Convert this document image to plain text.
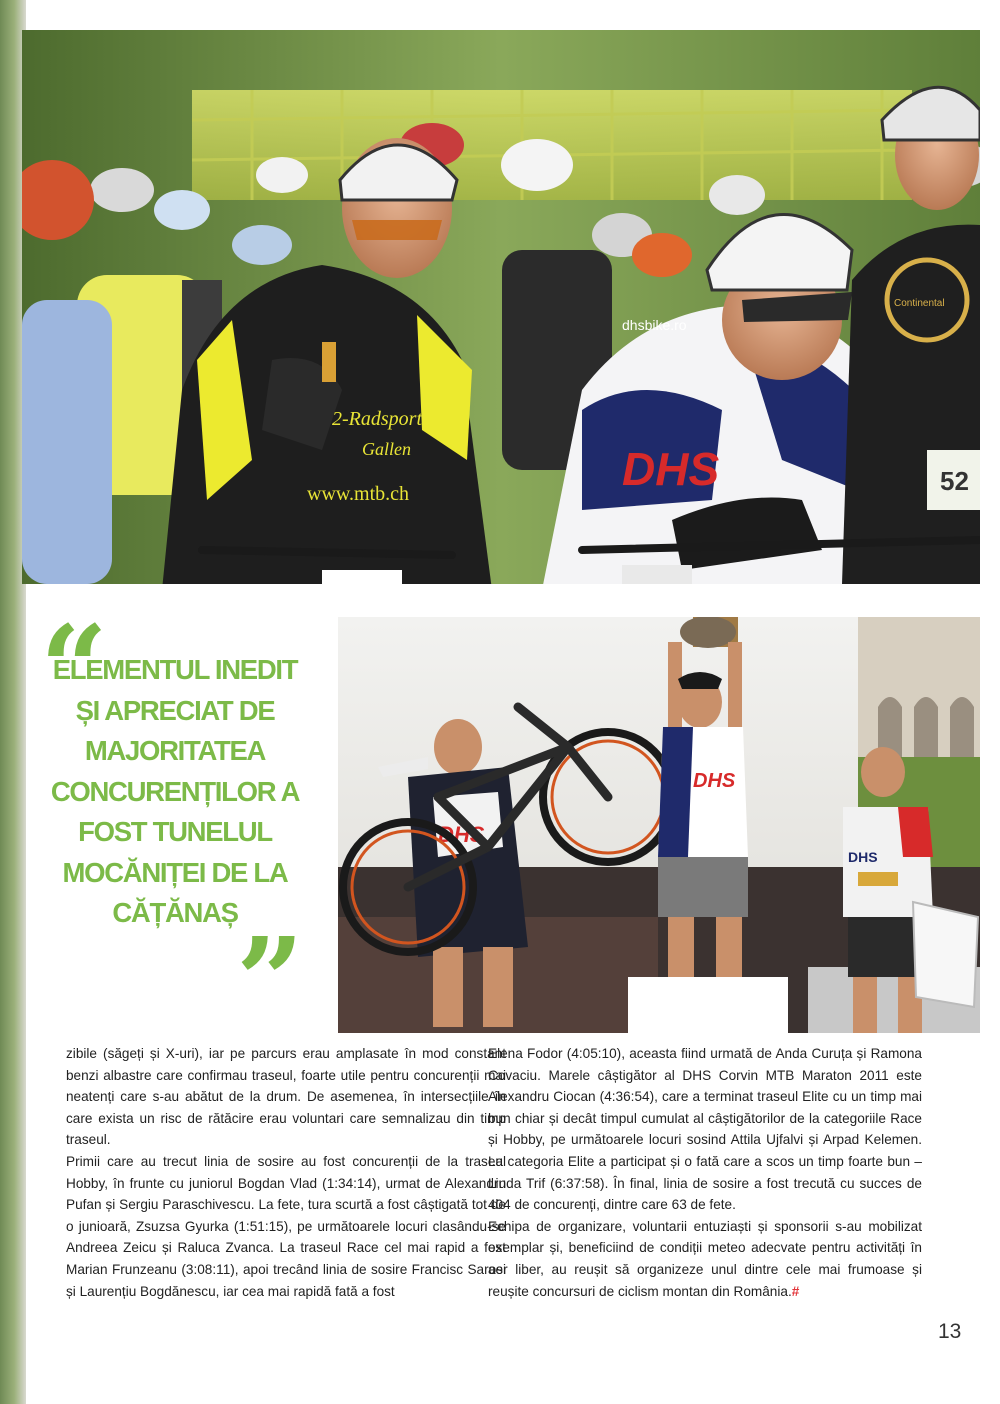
2-Radsport
Gallen
www.mtb.ch	DHS
dhsbike.ro
Continental
52
“

ELEMENTUL INEDIT ȘI APRECIAT DE MAJORITATEA CONCURENȚILOR A FOST TUNELUL MOCĂNIȚEI DE LA CĂȚĂNAȘ

”
DHS
DHS
DHS

zibile (săgeți și X-uri), iar pe parcurs erau amplasate în mod constant benzi albastre care confirmau traseul, foarte utile pentru concurenții mai neatenți care s-au abătut de la drum. De asemenea, în intersecțiile în care exista un risc de rătăcire erau voluntari care semnalizau din timp traseul.

Primii care au trecut linia de sosire au fost concurenții de la traseul Hobby, în frunte cu juniorul Bogdan Vlad (1:34:14), urmat de Alexandru Pufan și Sergiu Paraschivescu. La fete, tura scurtă a fost câștigată tot de o junioară, Zsuzsa Gyurka (1:51:15), pe următoarele locuri clasându-se Andreea Zeicu și Raluca Zvanca. La traseul Race cel mai rapid a fost Marian Frunzeanu (3:08:11), apoi trecând linia de sosire Francisc Sarosi și Laurențiu Bogdănescu, iar cea mai rapidă fată a fost

Elena Fodor (4:05:10), aceasta fiind urmată de Anda Curuța și Ramona Covaciu. Marele câștigător al DHS Corvin MTB Maraton 2011 este Alexandru Ciocan (4:36:54), care a terminat traseul Elite cu un timp mai bun chiar și decât timpul cumulat al câștigătorilor de la categoriile Race și Hobby, pe următoarele locuri sosind Attila Ujfalvi și Arpad Kelemen. La categoria Elite a participat și o fată care a scos un timp foarte bun – Linda Trif (6:37:58). În final, linia de sosire a fost trecută cu succes de 404 de concurenți, dintre care 63 de fete.

Echipa de organizare, voluntarii entuziaști și sponsorii s-au mobilizat exemplar și, beneficiind de condiții meteo adecvate pentru activități în aer liber, au reușit să organizeze unul dintre cele mai frumoase și reușite concursuri de ciclism montan din România.#

13
